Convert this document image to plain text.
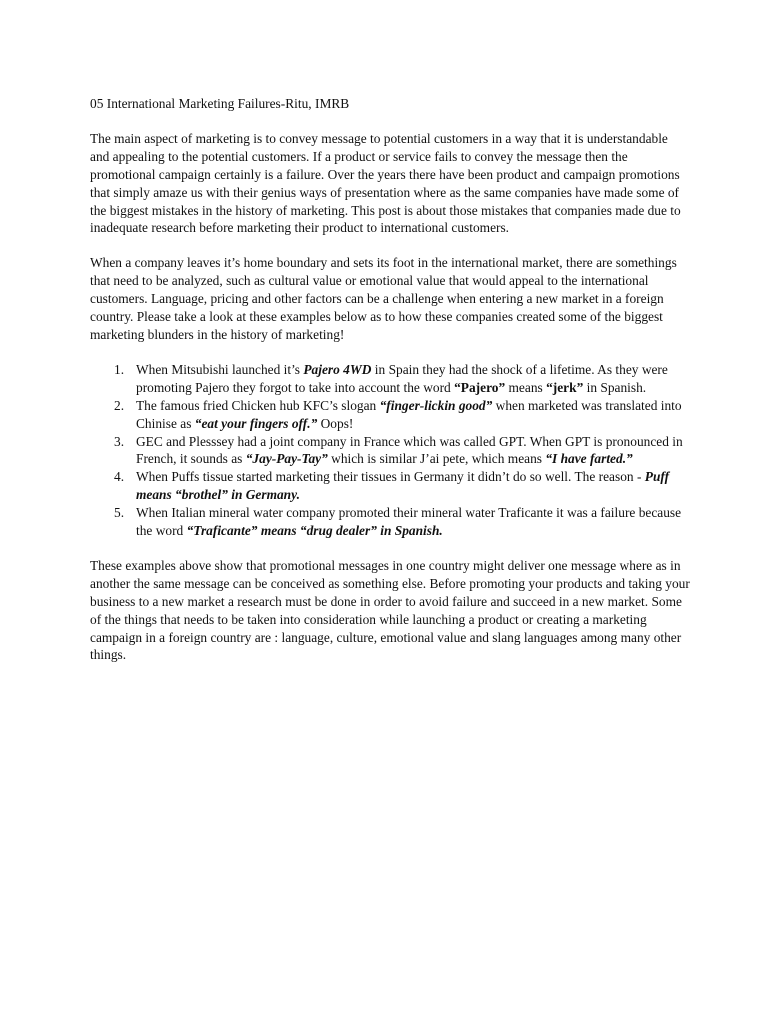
05 International Marketing Failures-Ritu, IMRB

The main aspect of marketing is to convey message to potential customers in a way that it is understandable and appealing to the potential customers. If a product or service fails to convey the message then the promotional campaign certainly is a failure. Over the years there have been product and campaign promotions that simply amaze us with their genius ways of presentation where as the same companies have made some of the biggest mistakes in the history of marketing. This post is about those mistakes that companies made due to inadequate research before marketing their product to international customers.

When a company leaves it’s home boundary and sets its foot in the international market, there are somethings that need to be analyzed, such as cultural value or emotional value that would appeal to the international customers. Language, pricing and other factors can be a challenge when entering a new market in a foreign country. Please take a look at these examples below as to how these companies created some of the biggest marketing blunders in the history of marketing!

1. When Mitsubishi launched it’s Pajero 4WD in Spain they had the shock of a lifetime. As they were promoting Pajero they forgot to take into account the word “Pajero” means “jerk” in Spanish.
2. The famous fried Chicken hub KFC’s slogan “finger-lickin good” when marketed was translated into Chinise as “eat your fingers off.” Oops!
3. GEC and Plesssey had a joint company in France which was called GPT. When GPT is pronounced in French, it sounds as “Jay-Pay-Tay” which is similar J’ai pete, which means “I have farted.”
4. When Puffs tissue started marketing their tissues in Germany it didn’t do so well. The reason - Puff means “brothel” in Germany.
5. When Italian mineral water company promoted their mineral water Traficante it was a failure because the word “Traficante” means “drug dealer” in Spanish.

These examples above show that promotional messages in one country might deliver one message where as in another the same message can be conceived as something else. Before promoting your products and taking your business to a new market a research must be done in order to avoid failure and succeed in a new market. Some of the things that needs to be taken into consideration while launching a product or creating a marketing campaign in a foreign country are : language, culture, emotional value and slang languages among many other things.
